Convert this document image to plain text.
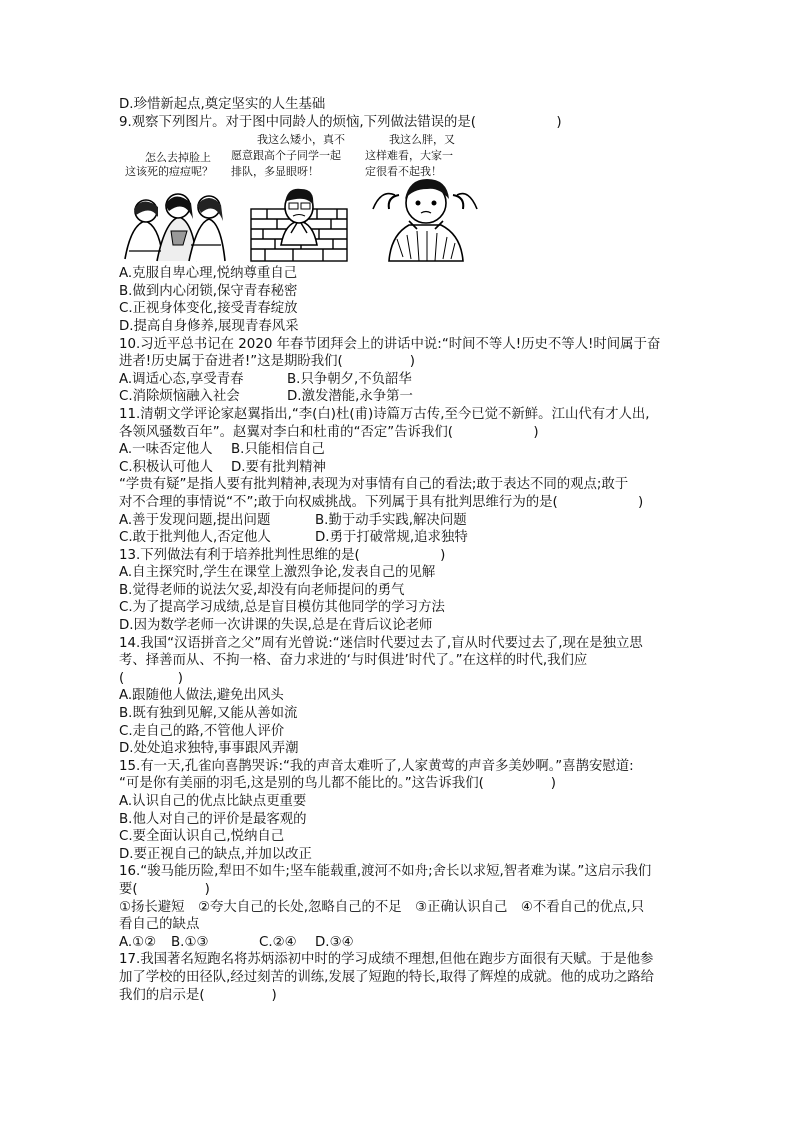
D.珍惜新起点,奠定坚实的人生基础
9.观察下列图片。对于图中同龄人的烦恼,下列做法错误的是(　　　　　　)
怎么去掉脸上
这该死的痘痘呢？
我这么矮小，真不
愿意跟高个子同学一起
排队，多显眼呀！
我这么胖，又
这样难看，大家一
定很看不起我！
A.克服自卑心理,悦纳尊重自己
B.做到内心闭锁,保守青春秘密
C.正视身体变化,接受青春绽放
D.提高自身修养,展现青春风采
10.习近平总书记在 2020 年春节团拜会上的讲话中说:“时间不等人!历史不等人!时间属于奋
进者!历史属于奋进者!”这是期盼我们(　　　　　)
A.调适心态,享受青春	B.只争朝夕,不负韶华
C.消除烦恼融入社会	D.激发潜能,永争第一
11.清朝文学评论家赵翼指出,“李(白)杜(甫)诗篇万古传,至今已觉不新鲜。江山代有才人出,
各领风骚数百年”。赵翼对李白和杜甫的“否定”告诉我们(　　　　　　)
A.一味否定他人	B.只能相信自己
C.积极认可他人	D.要有批判精神
“学贵有疑”是指人要有批判精神,表现为对事情有自己的看法;敢于表达不同的观点;敢于
对不合理的事情说“不”;敢于向权威挑战。下列属于具有批判思维行为的是(　　　　　　)
A.善于发现问题,提出问题	B.勤于动手实践,解决问题
C.敢于批判他人,否定他人	D.勇于打破常规,追求独特
13.下列做法有利于培养批判性思维的是(　　　　　　)
A.自主探究时,学生在课堂上激烈争论,发表自己的见解
B.觉得老师的说法欠妥,却没有向老师提问的勇气
C.为了提高学习成绩,总是盲目模仿其他同学的学习方法
D.因为数学老师一次讲课的失误,总是在背后议论老师
14.我国“汉语拼音之父”周有光曾说:“迷信时代要过去了,盲从时代要过去了,现在是独立思
考、择善而从、不拘一格、奋力求进的‘与时俱进’时代了。”在这样的时代,我们应
(　　　　)
A.跟随他人做法,避免出风头
B.既有独到见解,又能从善如流
C.走自己的路,不管他人评价
D.处处追求独特,事事跟风弄潮
15.有一天,孔雀向喜鹊哭诉:“我的声音太难听了,人家黄莺的声音多美妙啊。”喜鹊安慰道:
“可是你有美丽的羽毛,这是别的鸟儿都不能比的。”这告诉我们(　　　　　)
A.认识自己的优点比缺点更重要
B.他人对自己的评价是最客观的
C.要全面认识自己,悦纳自己
D.要正视自己的缺点,并加以改正
16.“骏马能历险,犁田不如牛;坚车能载重,渡河不如舟;舍长以求短,智者难为谋。”这启示我们
要(　　　　　)
①扬长避短　②夸大自己的长处,忽略自己的不足　③正确认识自己　④不看自己的优点,只
看自己的缺点
A.①②	B.①③	C.②④	D.③④
17.我国著名短跑名将苏炳添初中时的学习成绩不理想,但他在跑步方面很有天赋。于是他参
加了学校的田径队,经过刻苦的训练,发展了短跑的特长,取得了辉煌的成就。他的成功之路给
我们的启示是(　　　　　)
